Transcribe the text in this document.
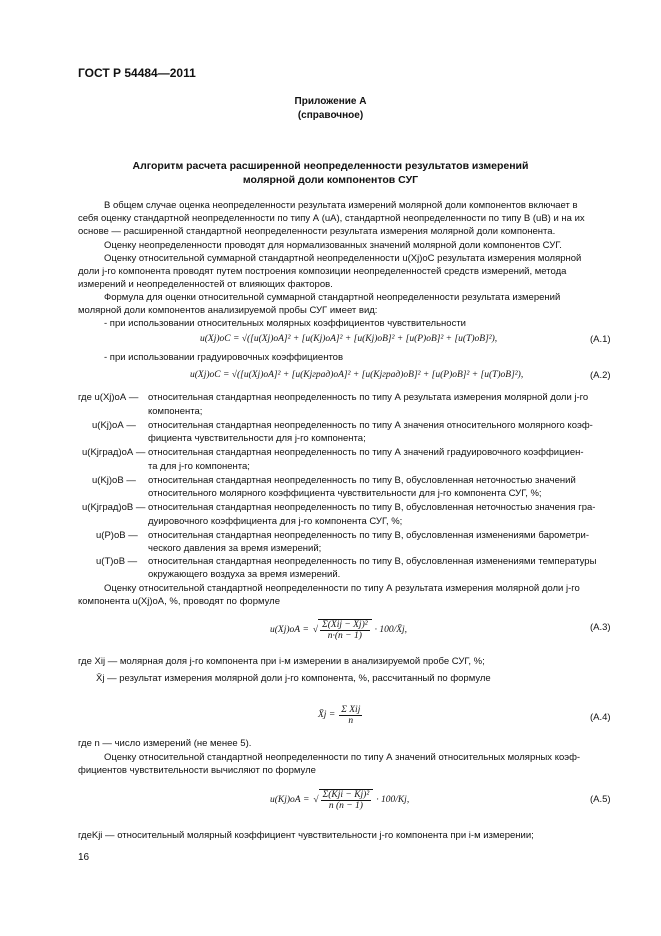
ГОСТ Р 54484—2011
Приложение А
(справочное)
Алгоритм расчета расширенной неопределенности результатов измерений
молярной доли компонентов СУГ
В общем случае оценка неопределенности результата измерений молярной доли компонентов включает в
себя оценку стандартной неопределенности по типу А (uA), стандартной неопределенности по типу В (uB) и на их
основе — расширенной стандартной неопределенности результата измерения молярной доли компонента.
Оценку неопределенности проводят для нормализованных значений молярной доли компонентов СУГ.
Оценку относительной суммарной стандартной неопределенности u(Xj)оС результата измерения молярной
доли j-го компонента проводят путем построения композиции неопределенностей средств измерений, метода
измерений и неопределенностей от влияющих факторов.
Формула для оценки относительной суммарной стандартной неопределенности результата измерений
молярной доли компонентов анализируемой пробы СУГ имеет вид:
- при использовании относительных молярных коэффициентов чувствительности
u(Xj)оС = √([u(Xj)оА]² + [u(Kj)оА]² + [u(Kj)оВ]² + [u(P)оВ]² + [u(T)оВ]²),	(А.1)
- при использовании градуировочных коэффициентов
u(Xj)оС = √([u(Xj)оА]² + [u(Kjград)оА]² + [u(Kjград)оВ]² + [u(P)оВ]² + [u(T)оВ]²),	(А.2)
где u(Xj)оА — относительная стандартная неопределенность по типу А результата измерения молярной доли j-го
компонента;
u(Kj)оА — относительная стандартная неопределенность по типу А значения относительного молярного коэф-
фициента чувствительности для j-го компонента;
u(Kjград)оА — относительная стандартная неопределенность по типу А значений градуировочного коэффициен-
та для j-го компонента;
u(Kj)оВ — относительная стандартная неопределенность по типу В, обусловленная неточностью значений
относительного молярного коэффициента чувствительности для j-го компонента СУГ, %;
u(Kjград)оВ — относительная стандартная неопределенность по типу В, обусловленная неточностью значения гра-
дуировочного коэффициента для j-го компонента СУГ, %;
u(P)оВ — относительная стандартная неопределенность по типу В, обусловленная изменениями барометри-
ческого давления за время измерений;
u(T)оВ — относительная стандартная неопределенность по типу В, обусловленная изменениями температуры
окружающего воздуха за время измерений.
Оценку относительной стандартной неопределенности по типу А результата измерения молярной доли j-го
компонента u(Xj)оА, %, проводят по формуле
u(Xj)оА = √ $\frac{\text{Σ(Xij − X̄j)²}}{n\cdot(n - 1)}$ · 100/X̄j,	(А.3)
где Xij — молярная доля j-го компонента при i-м измерении в анализируемой пробе СУГ, %;
X̄j — результат измерения молярной доли j-го компонента, %, рассчитанный по формуле
X̄j = $\frac{\text{Σ Xij}}{n}$	(А.4)
где n — число измерений (не менее 5).
Оценку относительной стандартной неопределенности по типу А значений относительных молярных коэф-
фициентов чувствительности вычисляют по формуле
u(Kj)оА = √ $\frac{\text{Σ(Kji − K̄j)²}}{n (n - 1)} \cdot 100/Kj$,	(А.5)
гдеKji — относительный молярный коэффициент чувствительности j-го компонента при i-м измерении;
16
